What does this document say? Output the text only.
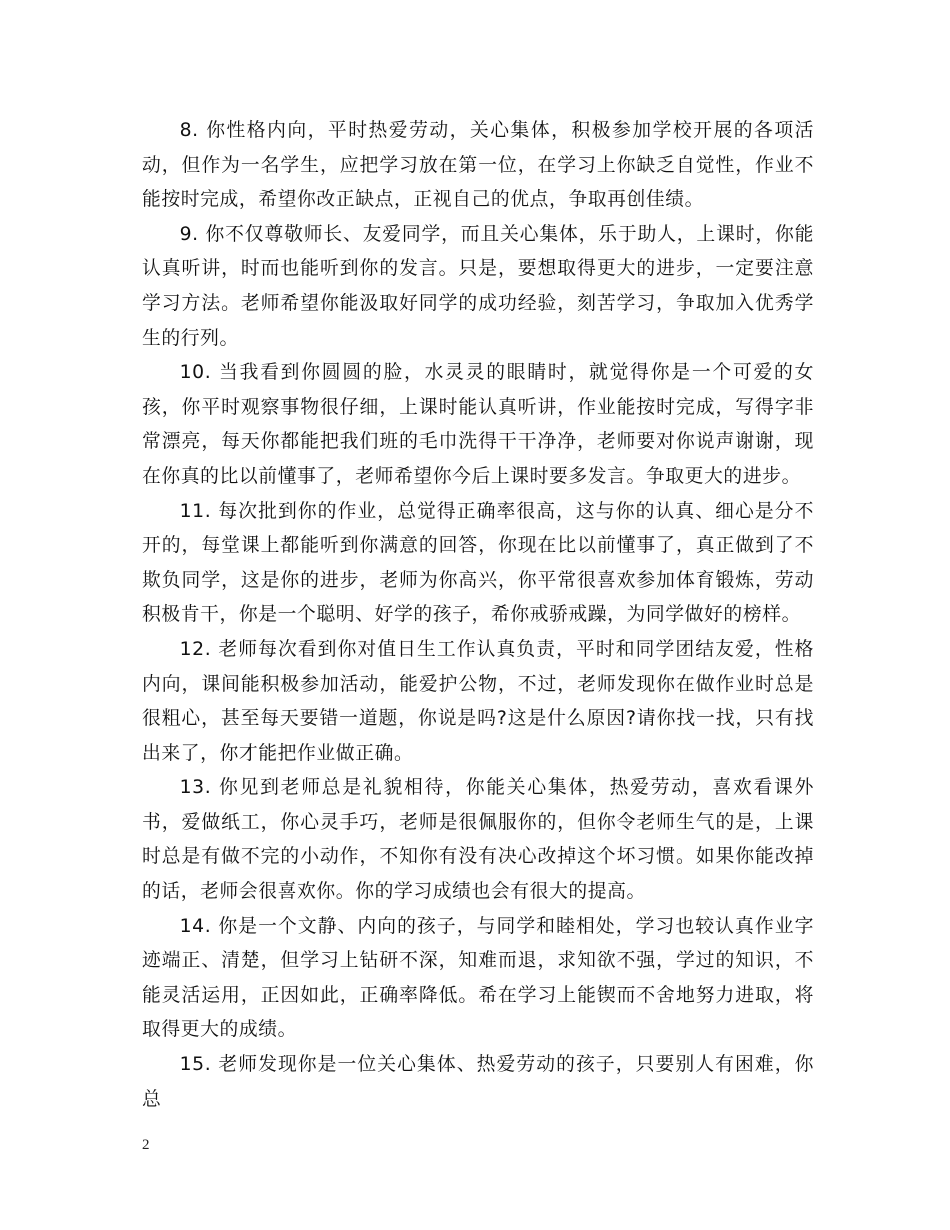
8. 你性格内向，平时热爱劳动，关心集体，积极参加学校开展的各项活动，但作为一名学生，应把学习放在第一位，在学习上你缺乏自觉性，作业不能按时完成，希望你改正缺点，正视自己的优点，争取再创佳绩。

9. 你不仅尊敬师长、友爱同学，而且关心集体，乐于助人，上课时，你能认真听讲，时而也能听到你的发言。只是，要想取得更大的进步，一定要注意学习方法。老师希望你能汲取好同学的成功经验，刻苦学习，争取加入优秀学生的行列。

10. 当我看到你圆圆的脸，水灵灵的眼睛时，就觉得你是一个可爱的女孩，你平时观察事物很仔细，上课时能认真听讲，作业能按时完成，写得字非常漂亮，每天你都能把我们班的毛巾洗得干干净净，老师要对你说声谢谢，现在你真的比以前懂事了，老师希望你今后上课时要多发言。争取更大的进步。

11. 每次批到你的作业，总觉得正确率很高，这与你的认真、细心是分不开的，每堂课上都能听到你满意的回答，你现在比以前懂事了，真正做到了不欺负同学，这是你的进步，老师为你高兴，你平常很喜欢参加体育锻炼，劳动积极肯干，你是一个聪明、好学的孩子，希你戒骄戒躁，为同学做好的榜样。

12. 老师每次看到你对值日生工作认真负责，平时和同学团结友爱，性格内向，课间能积极参加活动，能爱护公物，不过，老师发现你在做作业时总是很粗心，甚至每天要错一道题，你说是吗?这是什么原因?请你找一找，只有找出来了，你才能把作业做正确。

13. 你见到老师总是礼貌相待，你能关心集体，热爱劳动，喜欢看课外书，爱做纸工，你心灵手巧，老师是很佩服你的，但你令老师生气的是，上课时总是有做不完的小动作，不知你有没有决心改掉这个坏习惯。如果你能改掉的话，老师会很喜欢你。你的学习成绩也会有很大的提高。

14. 你是一个文静、内向的孩子，与同学和睦相处，学习也较认真作业字迹端正、清楚，但学习上钻研不深，知难而退，求知欲不强，学过的知识，不能灵活运用，正因如此，正确率降低。希在学习上能锲而不舍地努力进取，将取得更大的成绩。

15. 老师发现你是一位关心集体、热爱劳动的孩子，只要别人有困难，你总

2
